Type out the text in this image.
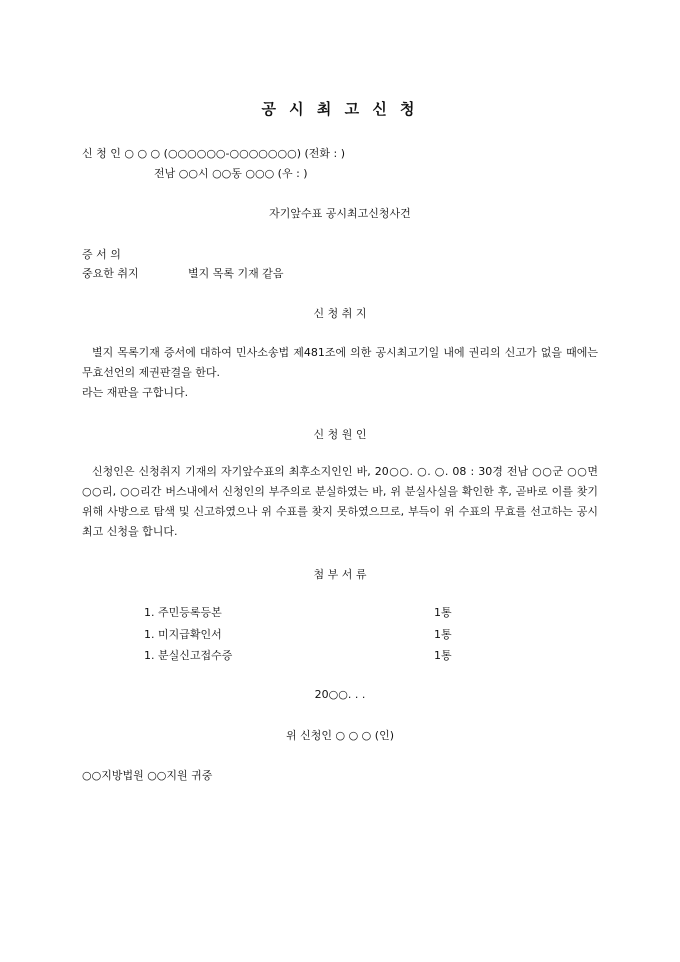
공 시 최 고 신 청
신 청 인 ○ ○ ○ (○○○○○○-○○○○○○○) (전화 : )
전남 ○○시 ○○동 ○○○ (우 : )
자기앞수표 공시최고신청사건
증 서 의
중요한 취지	별지 목록 기재 같음
신 청 취 지
별지 목록기재 증서에 대하여 민사소송법 제481조에 의한 공시최고기일 내에 권리의 신고가 없을 때에는 무효선언의 제권판결을 한다.
라는 재판을 구합니다.
신 청 원 인
신청인은 신청취지 기재의 자기앞수표의 최후소지인인 바, 20○○. ○. ○. 08 : 30경 전남 ○○군 ○○면 ○○리, ○○리간 버스내에서 신청인의 부주의로 분실하였는 바, 위 분실사실을 확인한 후, 곧바로 이를 찾기 위해 사방으로 탐색 및 신고하였으나 위 수표를 찾지 못하였으므로, 부득이 위 수표의 무효를 선고하는 공시최고 신청을 합니다.
첨 부 서 류
1. 주민등록등본	1통
1. 미지급확인서	1통
1. 분실신고접수증	1통
20○○. . .
위 신청인 ○ ○ ○ (인)
○○지방법원 ○○지원 귀중
